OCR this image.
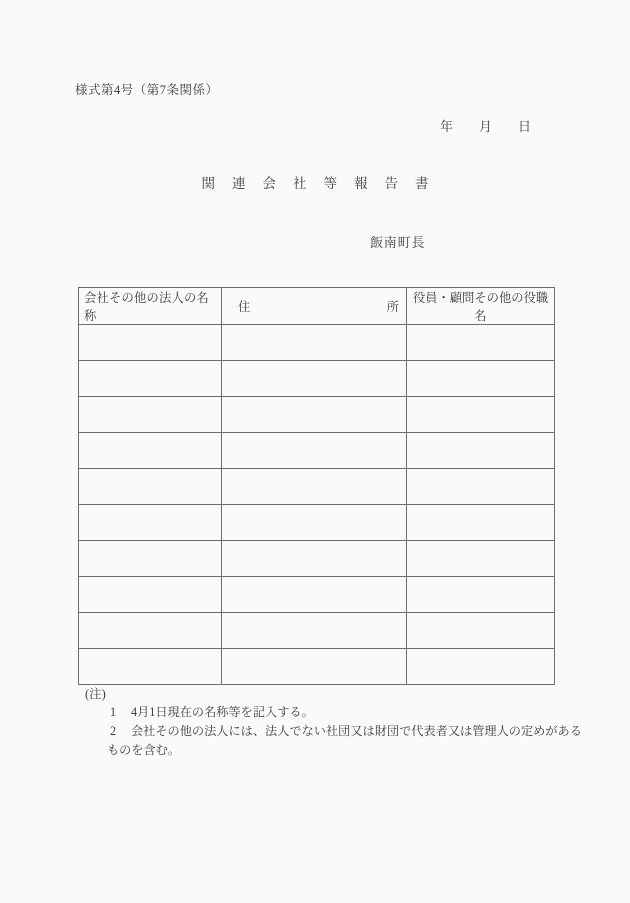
様式第4号（第7条関係）
年 月 日
関連会社等報告書
飯南町長
会社その他の法人の名称	住 所	役員・顧問その他の役職名

(注)
1 4月1日現在の名称等を記入する。
2 会社その他の法人には、法人でない社団又は財団で代表者又は管理人の定めがある
ものを含む。
